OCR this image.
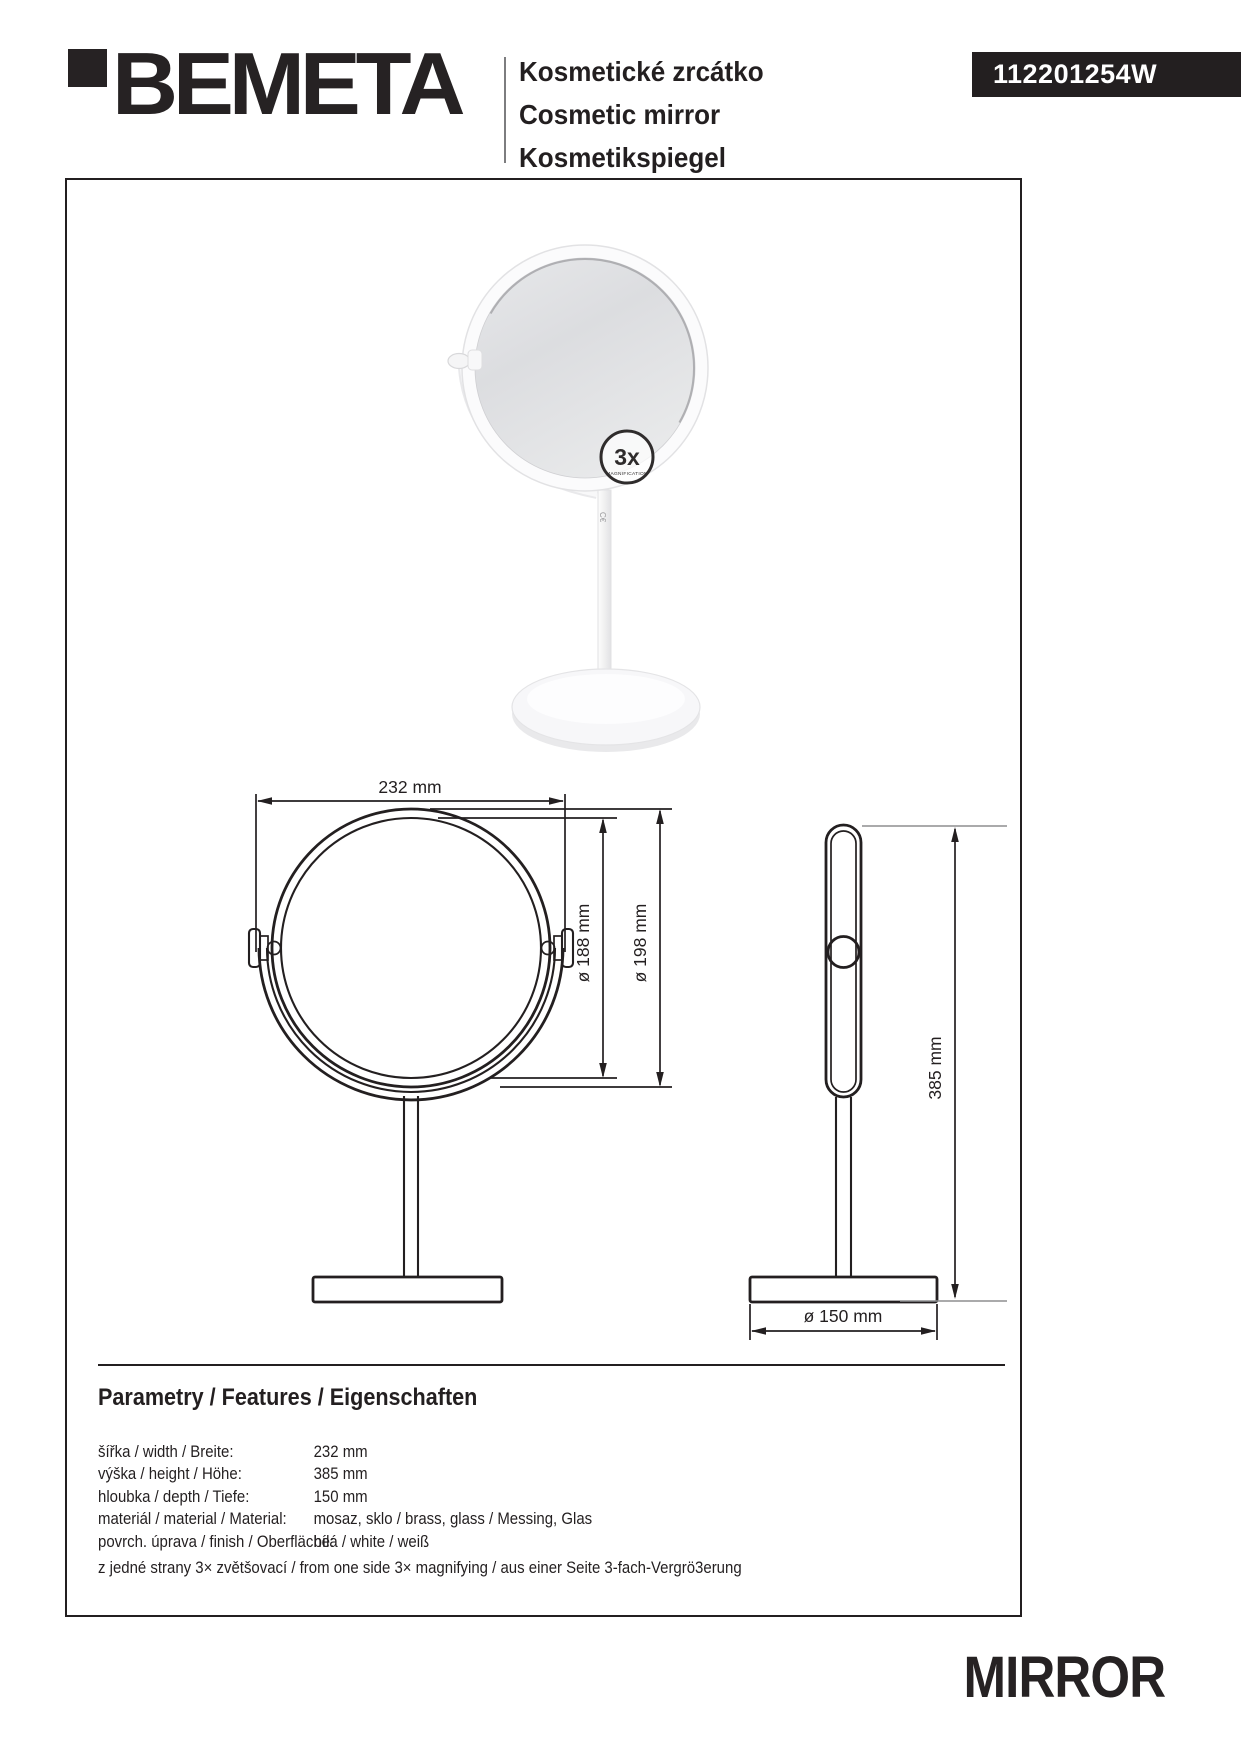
BEMETA Kosmetické zrcátko
Cosmetic mirror
Kosmetikspiegel
112201254W
C€
3x
MAGNIFICATION
232 mm
ø 188 mm ø 198 mm
385 mm
ø 150 mm
Parametry / Features / Eigenschaften
šířka / width / Breite:	232 mm
výška / height / Höhe:	385 mm
hloubka / depth / Tiefe:	150 mm
materiál / material / Material:	mosaz, sklo / brass, glass / Messing, Glas
povrch. úprava / finish / Oberfläche:
bílá / white / weiß
z jedné strany 3× zvětšovací / from one side 3× magnifying / aus einer Seite 3-fach-Vergrö3erung
MIRROR
